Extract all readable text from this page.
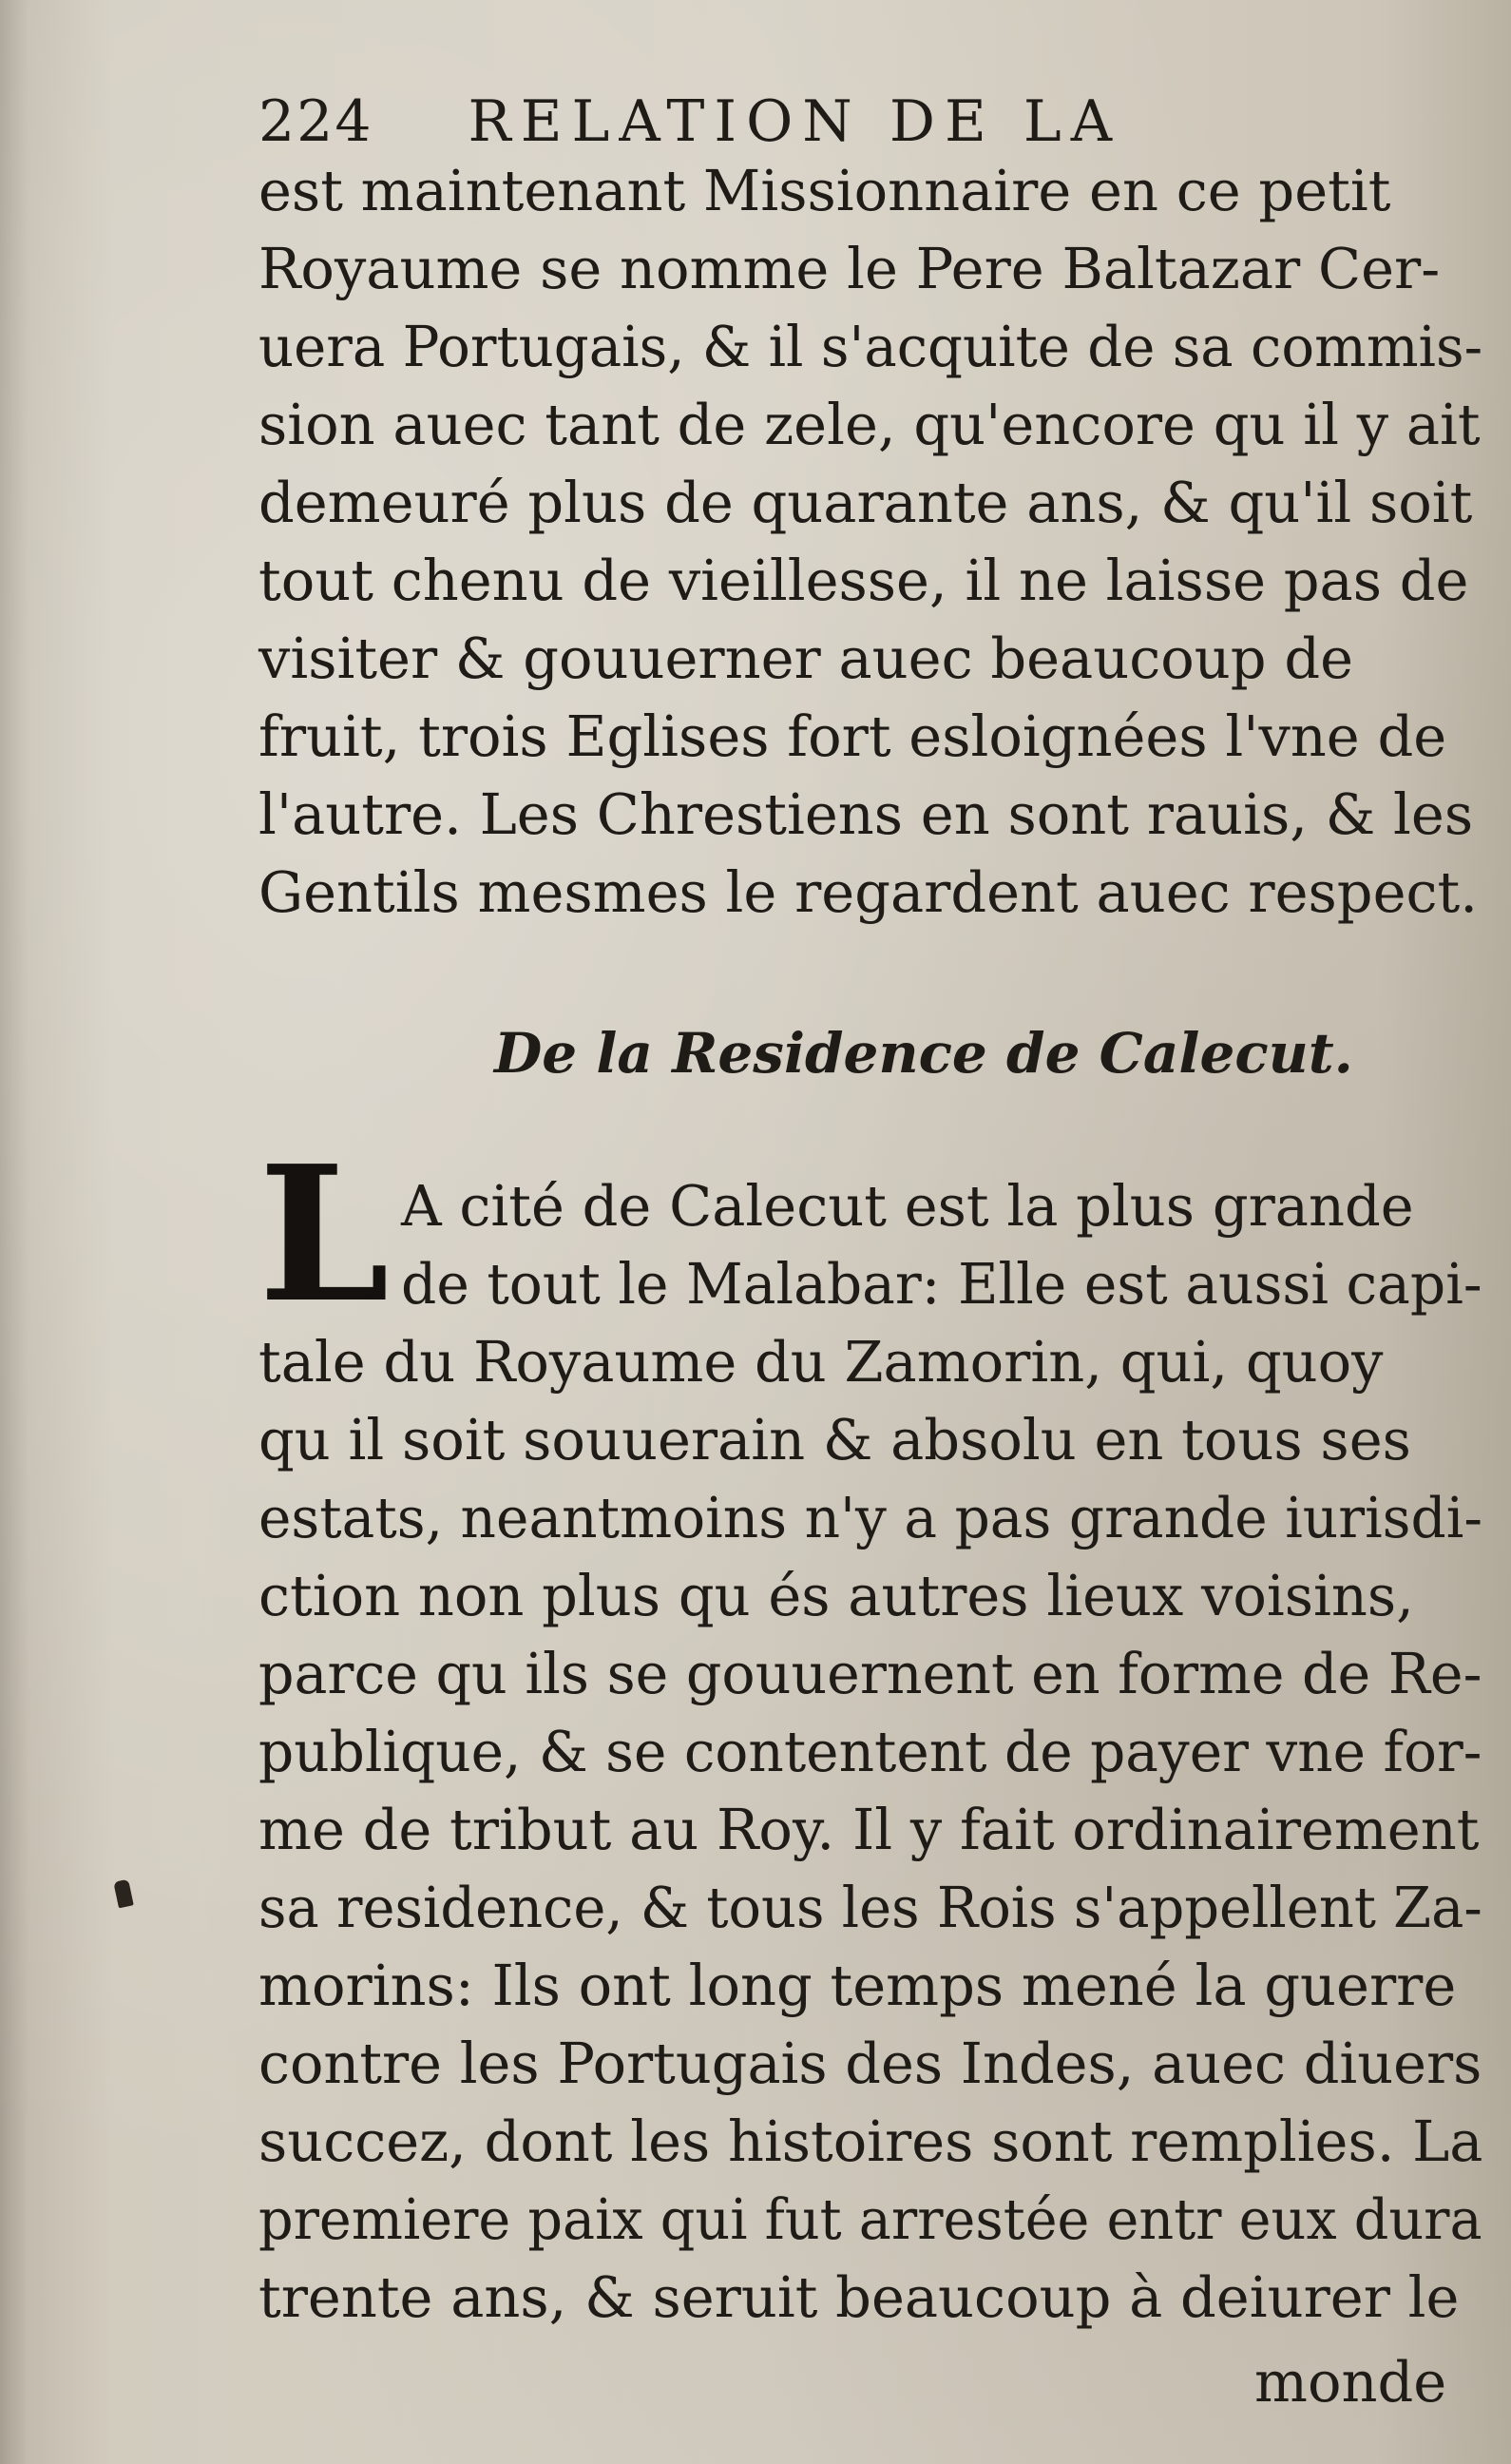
224 RELATION DE LA
est maintenant Missionnaire en ce petit
Royaume se nomme le Pere Baltazar Cer-
uera Portugais, & il s'acquite de sa commis-
sion auec tant de zele, qu'encore qu il y ait
demeuré plus de quarante ans, & qu'il soit
tout chenu de vieillesse, il ne laisse pas de
visiter & gouuerner auec beaucoup de
fruit, trois Eglises fort esloignées l'vne de
l'autre. Les Chrestiens en sont rauis, & les
Gentils mesmes le regardent auec respect.
De la Residence de Calecut.
L A cité de Calecut est la plus grande
de tout le Malabar: Elle est aussi capi-
tale du Royaume du Zamorin, qui, quoy
qu il soit souuerain & absolu en tous ses
estats, neantmoins n'y a pas grande iurisdi-
ction non plus qu és autres lieux voisins,
parce qu ils se gouuernent en forme de Re-
publique, & se contentent de payer vne for-
me de tribut au Roy. Il y fait ordinairement
sa residence, & tous les Rois s'appellent Za-
morins: Ils ont long temps mené la guerre
contre les Portugais des Indes, auec diuers
succez, dont les histoires sont remplies. La
premiere paix qui fut arrestée entr eux dura
trente ans, & seruit beaucoup à deiurer le
monde
